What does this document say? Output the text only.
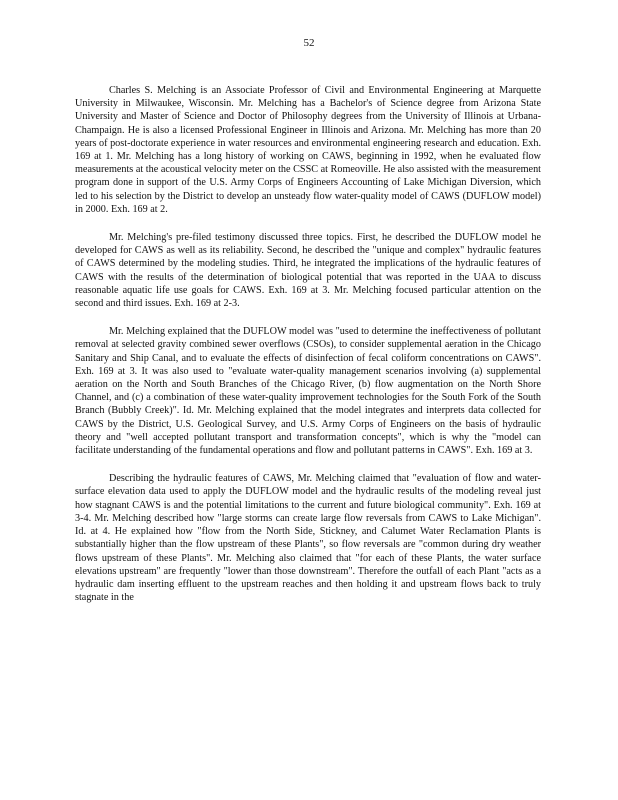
52

Charles S. Melching is an Associate Professor of Civil and Environmental Engineering at Marquette University in Milwaukee, Wisconsin. Mr. Melching has a Bachelor's of Science degree from Arizona State University and Master of Science and Doctor of Philosophy degrees from the University of Illinois at Urbana-Champaign. He is also a licensed Professional Engineer in Illinois and Arizona. Mr. Melching has more than 20 years of post-doctorate experience in water resources and environmental engineering research and education. Exh. 169 at 1. Mr. Melching has a long history of working on CAWS, beginning in 1992, when he evaluated flow measurements at the acoustical velocity meter on the CSSC at Romeoville. He also assisted with the measurement program done in support of the U.S. Army Corps of Engineers Accounting of Lake Michigan Diversion, which led to his selection by the District to develop an unsteady flow water-quality model of CAWS (DUFLOW model) in 2000. Exh. 169 at 2.

Mr. Melching's pre-filed testimony discussed three topics. First, he described the DUFLOW model he developed for CAWS as well as its reliability. Second, he described the "unique and complex" hydraulic features of CAWS determined by the modeling studies. Third, he integrated the implications of the hydraulic features of CAWS with the results of the determination of biological potential that was reported in the UAA to discuss reasonable aquatic life use goals for CAWS. Exh. 169 at 3. Mr. Melching focused particular attention on the second and third issues. Exh. 169 at 2-3.

Mr. Melching explained that the DUFLOW model was "used to determine the ineffectiveness of pollutant removal at selected gravity combined sewer overflows (CSOs), to consider supplemental aeration in the Chicago Sanitary and Ship Canal, and to evaluate the effects of disinfection of fecal coliform concentrations on CAWS". Exh. 169 at 3. It was also used to "evaluate water-quality management scenarios involving (a) supplemental aeration on the North and South Branches of the Chicago River, (b) flow augmentation on the North Shore Channel, and (c) a combination of these water-quality improvement technologies for the South Fork of the South Branch (Bubbly Creek)". Id. Mr. Melching explained that the model integrates and interprets data collected for CAWS by the District, U.S. Geological Survey, and U.S. Army Corps of Engineers on the basis of hydraulic theory and "well accepted pollutant transport and transformation concepts", which is why the "model can facilitate understanding of the fundamental operations and flow and pollutant patterns in CAWS". Exh. 169 at 3.

Describing the hydraulic features of CAWS, Mr. Melching claimed that "evaluation of flow and water-surface elevation data used to apply the DUFLOW model and the hydraulic results of the modeling reveal just how stagnant CAWS is and the potential limitations to the current and future biological community". Exh. 169 at 3-4. Mr. Melching described how "large storms can create large flow reversals from CAWS to Lake Michigan". Id. at 4. He explained how "flow from the North Side, Stickney, and Calumet Water Reclamation Plants is substantially higher than the flow upstream of these Plants", so flow reversals are "common during dry weather flows upstream of these Plants". Mr. Melching also claimed that "for each of these Plants, the water surface elevations upstream" are frequently "lower than those downstream". Therefore the outfall of each Plant "acts as a hydraulic dam inserting effluent to the upstream reaches and then holding it and upstream flows back to truly stagnate in the
